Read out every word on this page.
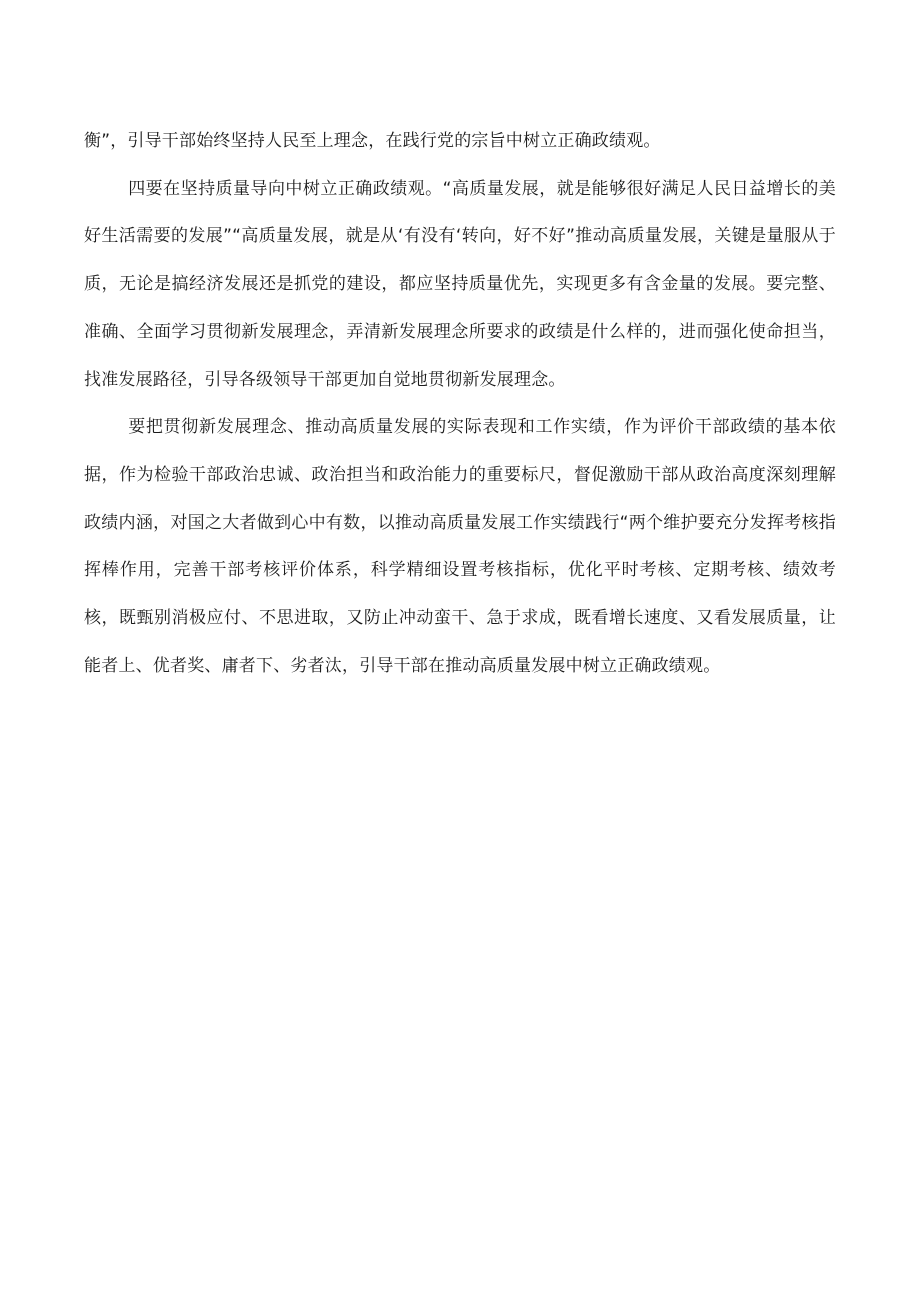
衡”，引导干部始终坚持人民至上理念，在践行党的宗旨中树立正确政绩观。

四要在坚持质量导向中树立正确政绩观。“高质量发展，就是能够很好满足人民日益增长的美好生活需要的发展”“高质量发展，就是从‘有没有‘转向，好不好”推动高质量发展，关键是量服从于质，无论是搞经济发展还是抓党的建设，都应坚持质量优先，实现更多有含金量的发展。要完整、准确、全面学习贯彻新发展理念，弄清新发展理念所要求的政绩是什么样的，进而强化使命担当，找准发展路径，引导各级领导干部更加自觉地贯彻新发展理念。

要把贯彻新发展理念、推动高质量发展的实际表现和工作实绩，作为评价干部政绩的基本依据，作为检验干部政治忠诚、政治担当和政治能力的重要标尺，督促激励干部从政治高度深刻理解政绩内涵，对国之大者做到心中有数，以推动高质量发展工作实绩践行“两个维护要充分发挥考核指挥棒作用，完善干部考核评价体系，科学精细设置考核指标，优化平时考核、定期考核、绩效考核，既甄别消极应付、不思进取，又防止冲动蛮干、急于求成，既看增长速度、又看发展质量，让能者上、优者奖、庸者下、劣者汰，引导干部在推动高质量发展中树立正确政绩观。
